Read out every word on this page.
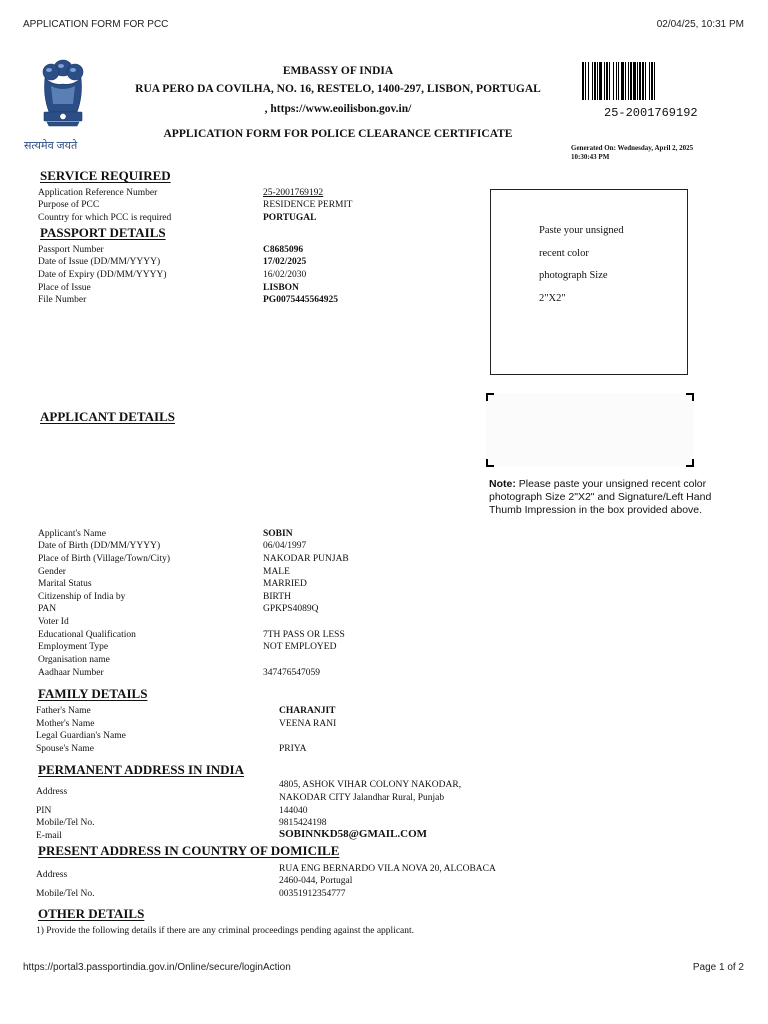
APPLICATION FORM FOR PCC	02/04/25, 10:31 PM
सत्यमेव जयते
EMBASSY OF INDIA
RUA PERO DA COVILHA, NO. 16, RESTELO, 1400-297, LISBON, PORTUGAL
, https://www.eoilisbon.gov.in/
APPLICATION FORM FOR POLICE CLEARANCE CERTIFICATE
25-2001769192
Generated On: Wednesday, April 2, 2025
10:30:43 PM
SERVICE REQUIRED
Application Reference Number	25-2001769192
Purpose of PCC	RESIDENCE PERMIT
Country for which PCC is required	PORTUGAL
PASSPORT DETAILS
Passport Number	C8685096
Date of Issue (DD/MM/YYYY)	17/02/2025
Date of Expiry (DD/MM/YYYY)	16/02/2030
Place of Issue	LISBON
File Number	PG0075445564925
Paste your unsigned
recent color
photograph Size
2"X2"
Note: Please paste your unsigned recent color photograph Size 2"X2" and Signature/Left Hand Thumb Impression in the box provided above.
APPLICANT DETAILS
Applicant's Name	SOBIN
Date of Birth (DD/MM/YYYY)	06/04/1997
Place of Birth (Village/Town/City)	NAKODAR PUNJAB
Gender	MALE
Marital Status	MARRIED
Citizenship of India by	BIRTH
PAN	GPKPS4089Q
Voter Id
Educational Qualification	7TH PASS OR LESS
Employment Type	NOT EMPLOYED
Organisation name
Aadhaar Number	347476547059
FAMILY DETAILS
Father's Name	CHARANJIT
Mother's Name	VEENA RANI
Legal Guardian's Name
Spouse's Name	PRIYA
PERMANENT ADDRESS IN INDIA
Address
4805, ASHOK VIHAR COLONY NAKODAR,
NAKODAR CITY Jalandhar Rural, Punjab
PIN	144040
Mobile/Tel No.	9815424198
E-mail	SOBINNKD58@GMAIL.COM
PRESENT ADDRESS IN COUNTRY OF DOMICILE
Address
RUA ENG BERNARDO VILA NOVA 20, ALCOBACA
2460-044, Portugal
Mobile/Tel No.	00351912354777
OTHER DETAILS
1) Provide the following details if there are any criminal proceedings pending against the applicant.
https://portal3.passportindia.gov.in/Online/secure/loginAction	Page 1 of 2
